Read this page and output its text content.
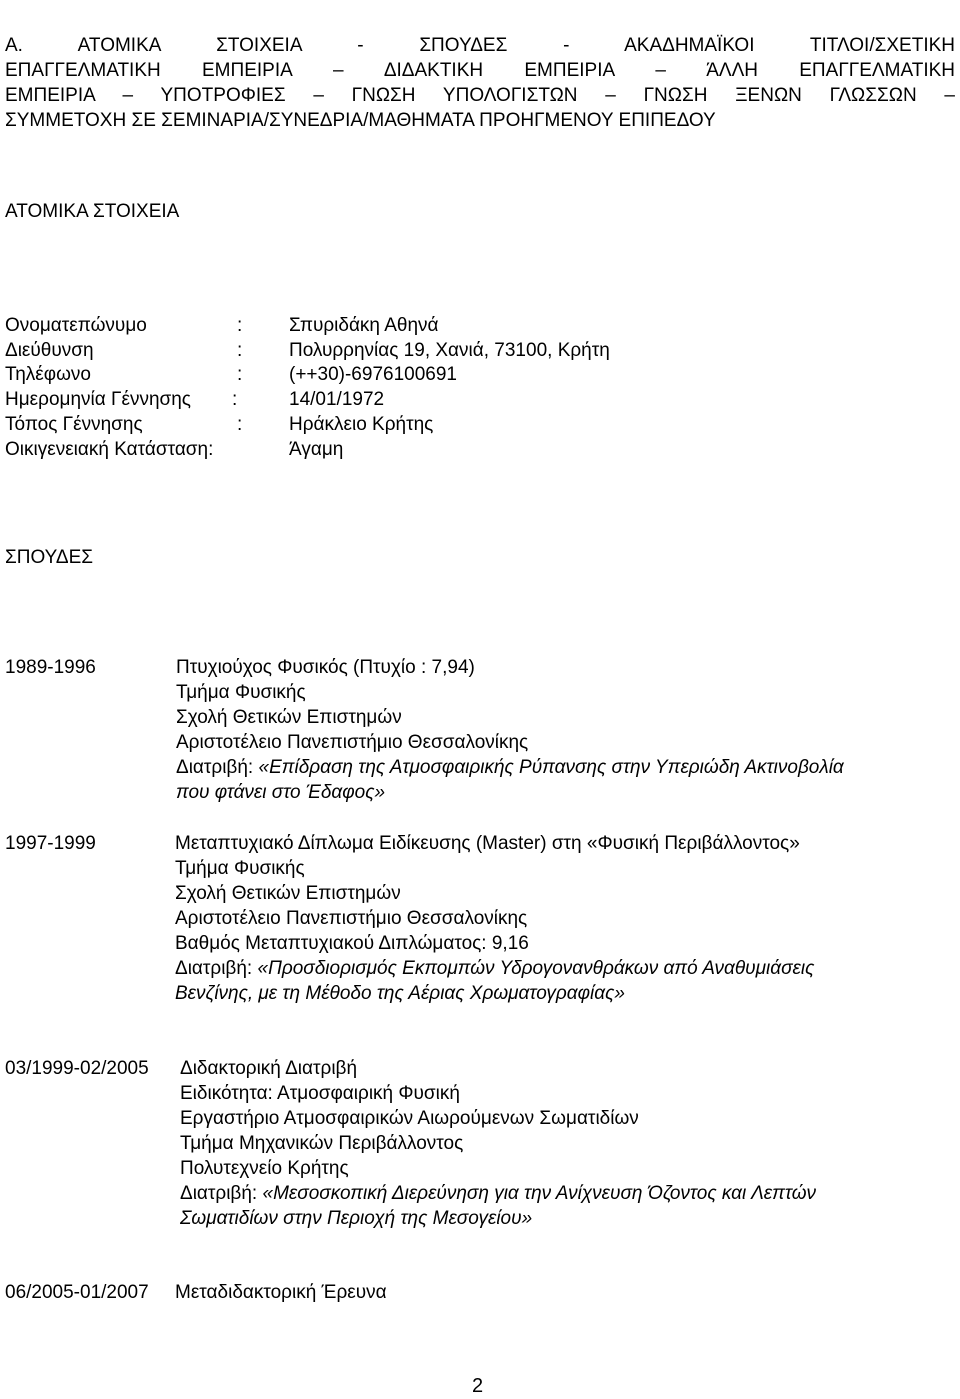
Α. ΑΤΟΜΙΚΑ ΣΤΟΙΧΕΙΑ - ΣΠΟΥΔΕΣ - ΑΚΑΔΗΜΑΪΚΟΙ ΤΙΤΛΟΙ/ΣΧΕΤΙΚΗ
ΕΠΑΓΓΕΛΜΑΤΙΚΗ ΕΜΠΕΙΡΙΑ – ΔΙΔΑΚΤΙΚΗ ΕΜΠΕΙΡΙΑ – ΆΛΛΗ ΕΠΑΓΓΕΛΜΑΤΙΚΗ
ΕΜΠΕΙΡΙΑ – ΥΠΟΤΡΟΦΙΕΣ – ΓΝΩΣΗ ΥΠΟΛΟΓΙΣΤΩΝ – ΓΝΩΣΗ ΞΕΝΩΝ ΓΛΩΣΣΩΝ –
ΣΥΜΜΕΤΟΧΗ ΣΕ ΣΕΜΙΝΑΡΙΑ/ΣΥΝΕΔΡΙΑ/ΜΑΘΗΜΑΤΑ ΠΡΟΗΓΜΕΝΟΥ ΕΠΙΠΕΔΟΥ
ΑΤΟΜΙΚΑ ΣΤΟΙΧΕΙΑ
Ονοματεπώνυμο	: Σπυριδάκη Αθηνά
Διεύθυνση	: Πολυρρηνίας 19, Χανιά, 73100, Κρήτη
Τηλέφωνο	: (++30)-6976100691
Ημερομηνία Γέννησης :	14/01/1972
Τόπος Γέννησης	: Ηράκλειο Κρήτης
Οικιγενειακή Κατάσταση:	Άγαμη
ΣΠΟΥΔΕΣ
1989-1996	Πτυχιούχος Φυσικός (Πτυχίο : 7,94)
Τμήμα Φυσικής
Σχολή Θετικών Επιστημών
Αριστοτέλειο Πανεπιστήμιο Θεσσαλονίκης
Διατριβή: «Επίδραση της Ατμοσφαιρικής Ρύπανσης στην Υπεριώδη Ακτινοβολία
που φτάνει στο Έδαφος»
1997-1999	Μεταπτυχιακό Δίπλωμα Ειδίκευσης (Master) στη «Φυσική Περιβάλλοντος»
Τμήμα Φυσικής
Σχολή Θετικών Επιστημών
Αριστοτέλειο Πανεπιστήμιο Θεσσαλονίκης
Βαθμός Μεταπτυχιακού Διπλώματος: 9,16
Διατριβή: «Προσδιορισμός Εκπομπών Υδρογονανθράκων από Αναθυμιάσεις
Βενζίνης, με τη Μέθοδο της Αέριας Χρωματογραφίας»
03/1999-02/2005 Διδακτορική Διατριβή
Ειδικότητα: Ατμοσφαιρική Φυσική
Εργαστήριο Ατμοσφαιρικών Αιωρούμενων Σωματιδίων
Τμήμα Μηχανικών Περιβάλλοντος
Πολυτεχνείο Κρήτης
Διατριβή: «Μεσοσκοπική Διερεύνηση για την Ανίχνευση Όζοντος και Λεπτών
Σωματιδίων στην Περιοχή της Μεσογείου»
06/2005-01/2007 Μεταδιδακτορική Έρευνα
2
